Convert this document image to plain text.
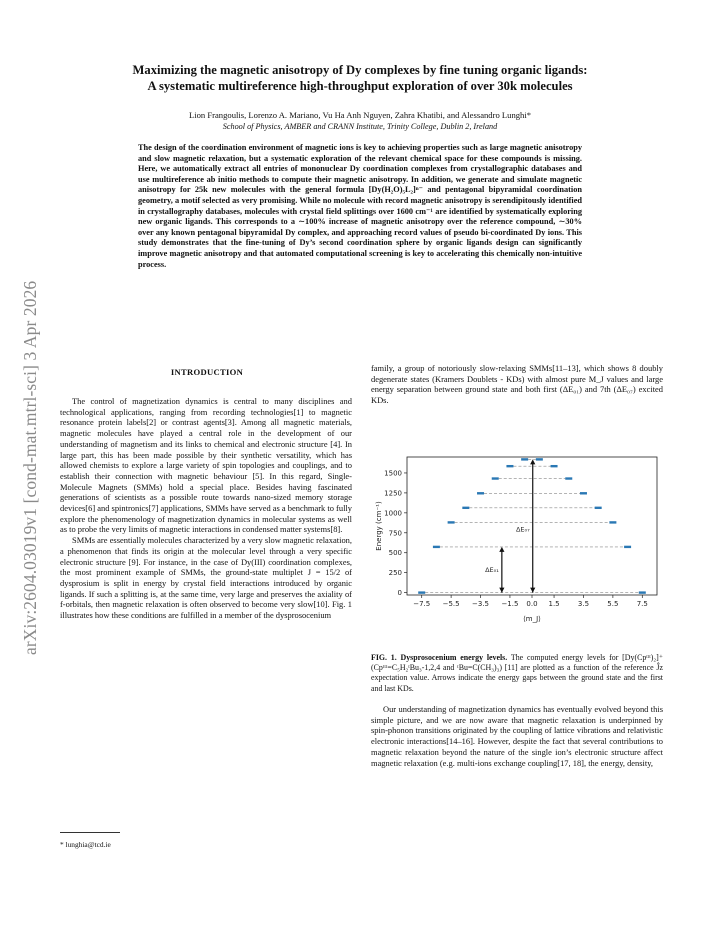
arXiv:2604.03019v1 [cond-mat.mtrl-sci] 3 Apr 2026
Maximizing the magnetic anisotropy of Dy complexes by fine tuning organic ligands:
A systematic multireference high-throughput exploration of over 30k molecules
Lion Frangoulis, Lorenzo A. Mariano, Vu Ha Anh Nguyen, Zahra Khatibi, and Alessandro Lunghi*
School of Physics, AMBER and CRANN Institute, Trinity College, Dublin 2, Ireland
The design of the coordination environment of magnetic ions is key to achieving properties such as large magnetic anisotropy and slow magnetic relaxation, but a systematic exploration of the relevant chemical space for these compounds is missing. Here, we automatically extract all entries of mononuclear Dy coordination complexes from crystallographic databases and use multireference ab initio methods to compute their magnetic anisotropy. In addition, we generate and simulate magnetic anisotropy for 25k new molecules with the general formula [Dy(H₂O)₅L₂]ⁿ⁻ and pentagonal bipyramidal coordination geometry, a motif selected as very promising. While no molecule with record magnetic anisotropy is serendipitously identified in crystallography databases, molecules with crystal field splittings over 1600 cm⁻¹ are identified by systematically exploring new organic ligands. This corresponds to a ∼100% increase of magnetic anisotropy over the reference compound, ∼30% over any known pentagonal bipyramidal Dy complex, and approaching record values of pseudo bi-coordinated Dy ions. This study demonstrates that the fine-tuning of Dy’s second coordination sphere by organic ligands design can significantly improve magnetic anisotropy and that automated computational screening is key to accelerating this chemically non-intuitive process.
INTRODUCTION

The control of magnetization dynamics is central to many disciplines and technological applications, ranging from recording technologies[1] to magnetic resonance protein labels[2] or contrast agents[3]. Among all magnetic materials, magnetic molecules have played a central role in the development of our understanding of magnetism and its links to chemical and electronic structure [4]. In large part, this has been made possible by their synthetic versatility, which has allowed chemists to explore a large variety of spin topologies and couplings, and to establish their connection with magnetic behaviour [5]. In this regard, Single-Molecule Magnets (SMMs) hold a special place. Besides having fascinated generations of scientists as a possible route towards nano-sized memory storage devices[6] and spintronics[7] applications, SMMs have served as a benchmark to fully explore the phenomenology of magnetization dynamics in molecular systems as well as to probe the very limits of magnetic interactions in condensed matter systems[8].

SMMs are essentially molecules characterized by a very slow magnetic relaxation, a phenomenon that finds its origin at the molecular level through a very specific electronic structure [9]. For instance, in the case of Dy(III) coordination complexes, the most prominent example of SMMs, the ground-state multiplet J = 15/2 of dysprosium is split in energy by crystal field interactions introduced by organic ligands. If such a splitting is, at the same time, very large and preserves the axiality of f-orbitals, then magnetic relaxation is often observed to become very slow[10]. Fig. 1 illustrates how these conditions are fulfilled in a member of the dysprosocenium

family, a group of notoriously slow-relaxing SMMs[11–13], which shows 8 doubly degenerate states (Kramers Doublets - KDs) with almost pure M_J values and large energy separation between ground state and both first (ΔE₀₁) and 7th (ΔE₀₇) excited KDs.

0
250
500
750
1000
1250
1500
−7.5 −5.5 −3.5 −1.5 0.0 1.5	3.5	5.5	7.5
Energy (cm⁻¹)
⟨m_J⟩
ΔE₀₁
ΔE₀₇
FIG. 1. Dysprosocenium energy levels. The computed energy levels for [Dy(Cpᵗᵗᵗ)₂]⁺ (Cpᵗᵗᵗ=C₅H₂ᵗBu₃-1,2,4 and ᵗBu=C(CH₃)₃) [11] are plotted as a function of the reference Ĵz expectation value. Arrows indicate the energy gaps between the ground state and the first and last KDs.

Our understanding of magnetization dynamics has eventually evolved beyond this simple picture, and we are now aware that magnetic relaxation is underpinned by spin-phonon transitions originated by the coupling of lattice vibrations and relativistic electronic interactions[14–16]. However, despite the fact that several contributions to magnetic relaxation beyond the nature of the single ion’s electronic structure affect magnetic relaxation (e.g. multi-ions exchange coupling[17, 18], the energy, density,

* lunghia@tcd.ie
